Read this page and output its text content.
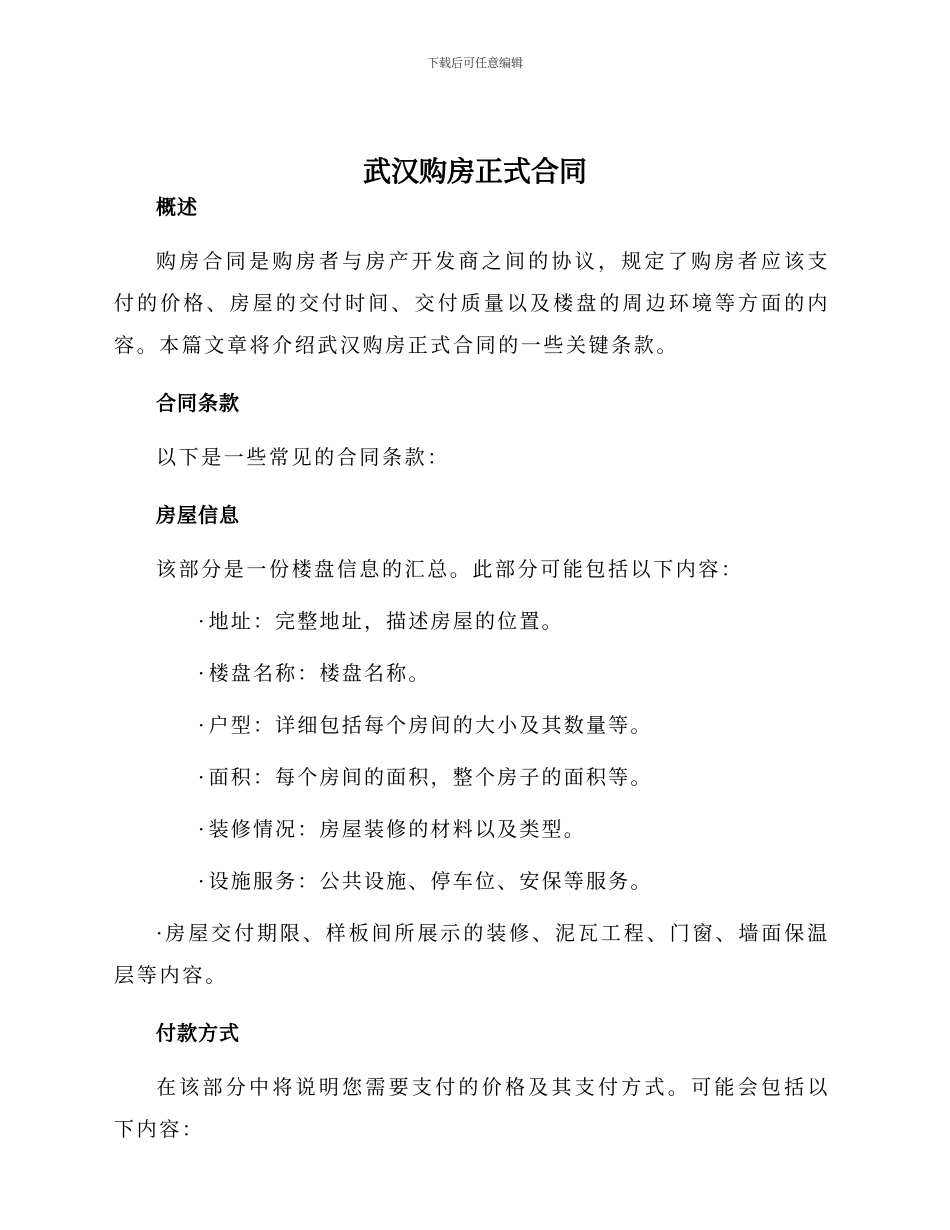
下载后可任意编辑
武汉购房正式合同
概述

购房合同是购房者与房产开发商之间的协议，规定了购房者应该支付的价格、房屋的交付时间、交付质量以及楼盘的周边环境等方面的内容。本篇文章将介绍武汉购房正式合同的一些关键条款。

合同条款

以下是一些常见的合同条款：

房屋信息

该部分是一份楼盘信息的汇总。此部分可能包括以下内容：

· 地址：完整地址，描述房屋的位置。

· 楼盘名称：楼盘名称。

· 户型：详细包括每个房间的大小及其数量等。

· 面积：每个房间的面积，整个房子的面积等。

· 装修情况：房屋装修的材料以及类型。

· 设施服务：公共设施、停车位、安保等服务。

·房屋交付期限、样板间所展示的装修、泥瓦工程、门窗、墙面保温层等内容。

付款方式

在该部分中将说明您需要支付的价格及其支付方式。可能会包括以下内容：
